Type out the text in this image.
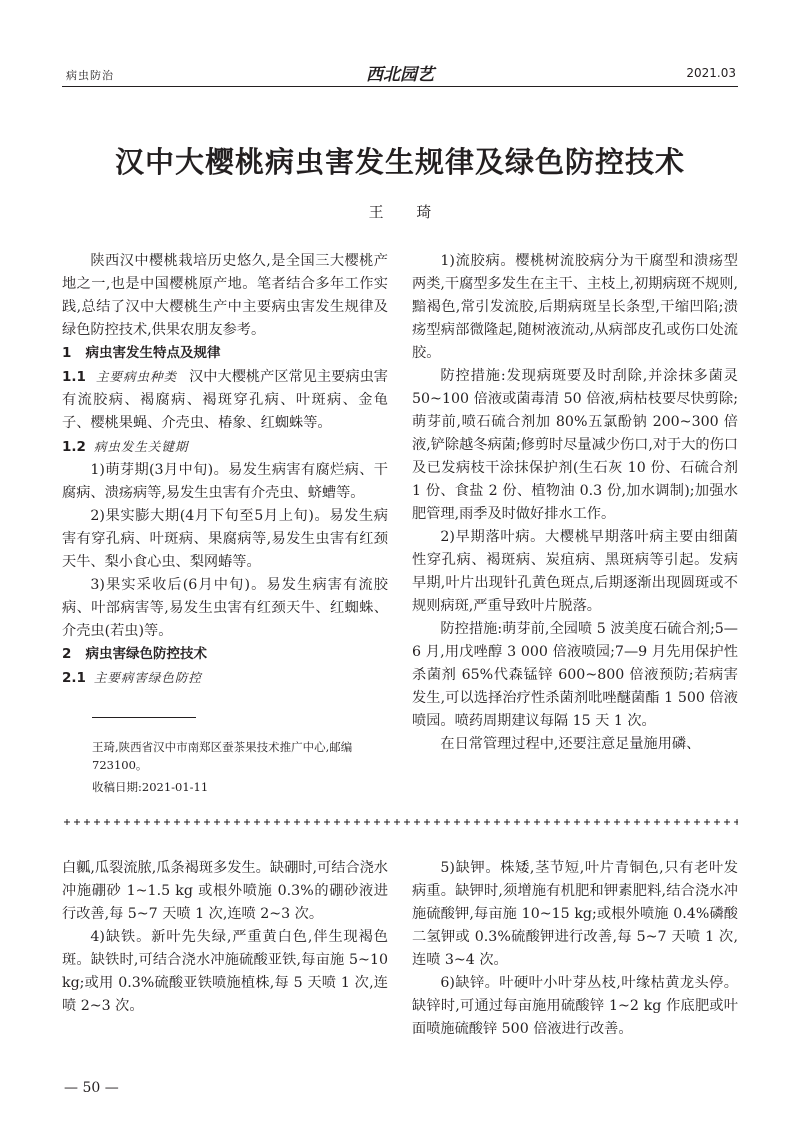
病虫防治	西北园艺	2021.03
汉中大樱桃病虫害发生规律及绿色防控技术
王 琦

陕西汉中樱桃栽培历史悠久,是全国三大樱桃产地之一,也是中国樱桃原产地。笔者结合多年工作实践,总结了汉中大樱桃生产中主要病虫害发生规律及绿色防控技术,供果农朋友参考。

1 病虫害发生特点及规律

1.1 主要病虫种类 汉中大樱桃产区常见主要病虫害有流胶病、褐腐病、褐斑穿孔病、叶斑病、金龟子、樱桃果蝇、介壳虫、椿象、红蜘蛛等。

1.2 病虫发生关键期

1)萌芽期(3月中旬)。易发生病害有腐烂病、干腐病、溃疡病等,易发生虫害有介壳虫、蛴螬等。

2)果实膨大期(4月下旬至5月上旬)。易发生病害有穿孔病、叶斑病、果腐病等,易发生虫害有红颈天牛、梨小食心虫、梨网蝽等。

3)果实采收后(6月中旬)。易发生病害有流胶病、叶部病害等,易发生虫害有红颈天牛、红蜘蛛、介壳虫(若虫)等。

2 病虫害绿色防控技术
2.1 主要病害绿色防控

王琦,陕西省汉中市南郑区蚕茶果技术推广中心,邮编 723100。

收稿日期:2021-01-11

1)流胶病。樱桃树流胶病分为干腐型和溃疡型两类,干腐型多发生在主干、主枝上,初期病斑不规则,黯褐色,常引发流胶,后期病斑呈长条型,干缩凹陷;溃疡型病部微隆起,随树液流动,从病部皮孔或伤口处流胶。

防控措施:发现病斑要及时刮除,并涂抹多菌灵 50~100 倍液或菌毒清 50 倍液,病枯枝要尽快剪除;萌芽前,喷石硫合剂加 80%五氯酚钠 200~300 倍液,铲除越冬病菌;修剪时尽量减少伤口,对于大的伤口及已发病枝干涂抹保护剂(生石灰 10 份、石硫合剂 1 份、食盐 2 份、植物油 0.3 份,加水调制);加强水肥管理,雨季及时做好排水工作。

2)早期落叶病。大樱桃早期落叶病主要由细菌性穿孔病、褐斑病、炭疽病、黑斑病等引起。发病早期,叶片出现针孔黄色斑点,后期逐渐出现圆斑或不规则病斑,严重导致叶片脱落。

防控措施:萌芽前,全园喷 5 波美度石硫合剂;5—6 月,用戊唑醇 3 000 倍液喷园;7—9 月先用保护性杀菌剂 65%代森锰锌 600~800 倍液预防;若病害发生,可以选择治疗性杀菌剂吡唑醚菌酯 1 500 倍液喷园。喷药周期建议每隔 15 天 1 次。

在日常管理过程中,还要注意足量施用磷、

白瓤,瓜裂流脓,瓜条褐斑多发生。缺硼时,可结合浇水冲施硼砂 1~1.5 kg 或根外喷施 0.3%的硼砂液进行改善,每 5~7 天喷 1 次,连喷 2~3 次。

4)缺铁。新叶先失绿,严重黄白色,伴生现褐色斑。缺铁时,可结合浇水冲施硫酸亚铁,每亩施 5~10 kg;或用 0.3%硫酸亚铁喷施植株,每 5 天喷 1 次,连喷 2~3 次。

5)缺钾。株矮,茎节短,叶片青铜色,只有老叶发病重。缺钾时,须增施有机肥和钾素肥料,结合浇水冲施硫酸钾,每亩施 10~15 kg;或根外喷施 0.4%磷酸二氢钾或 0.3%硫酸钾进行改善,每 5~7 天喷 1 次,连喷 3~4 次。

6)缺锌。叶硬叶小叶芽丛枝,叶缘枯黄龙头停。缺锌时,可通过每亩施用硫酸锌 1~2 kg 作底肥或叶面喷施硫酸锌 500 倍液进行改善。

— 50 —
